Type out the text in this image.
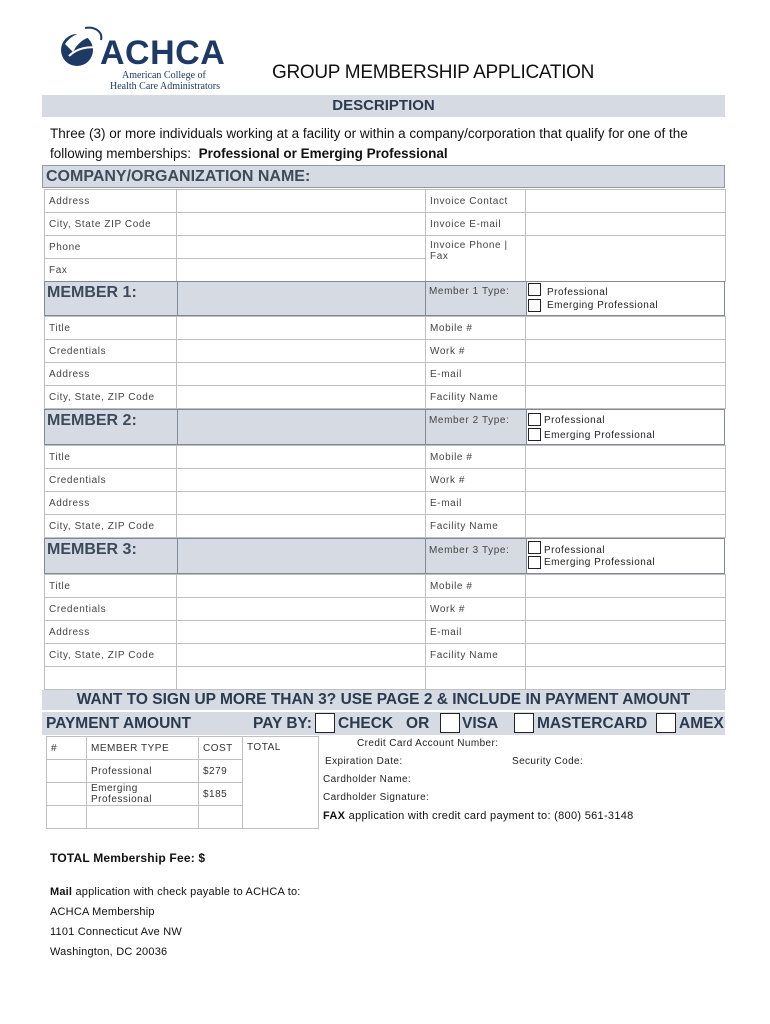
ACHCA
American College of
Health Care Administrators
GROUP MEMBERSHIP APPLICATION
DESCRIPTION
Three (3) or more individuals working at a facility or within a company/corporation that qualify for one of the following memberships: Professional or Emerging Professional
COMPANY/ORGANIZATION NAME:
Address		Invoice Contact	
City, State ZIP Code		Invoice E-mail	
Phone		Invoice Phone | Fax	
Fax			
MEMBER 1:	Member 1 Type:	Professional
Emerging Professional
Title		Mobile #	
Credentials		Work #	
Address		E-mail	
City, State, ZIP Code		Facility Name	
MEMBER 2:	Member 2 Type:	Professional
Emerging Professional
Title		Mobile #	
Credentials		Work #	
Address		E-mail	
City, State, ZIP Code		Facility Name	
MEMBER 3:	Member 3 Type:	Professional
Emerging Professional
Title		Mobile #	
Credentials		Work #	
Address		E-mail	
City, State, ZIP Code		Facility Name	

WANT TO SIGN UP MORE THAN 3? USE PAGE 2 & INCLUDE IN PAYMENT AMOUNT
PAYMENT AMOUNT	PAY BY: CHECK   OR VISA	MASTERCARD AMEX
#	MEMBER TYPE	COST	TOTAL
	Professional	$279	
	Emerging Professional	$185	

Credit Card Account Number:
Expiration Date:	Security Code:
Cardholder Name:
Cardholder Signature:
FAX application with credit card payment to: (800) 561-3148
TOTAL Membership Fee: $
Mail application with check payable to ACHCA to:
ACHCA Membership
1101 Connecticut Ave NW
Washington, DC 20036
